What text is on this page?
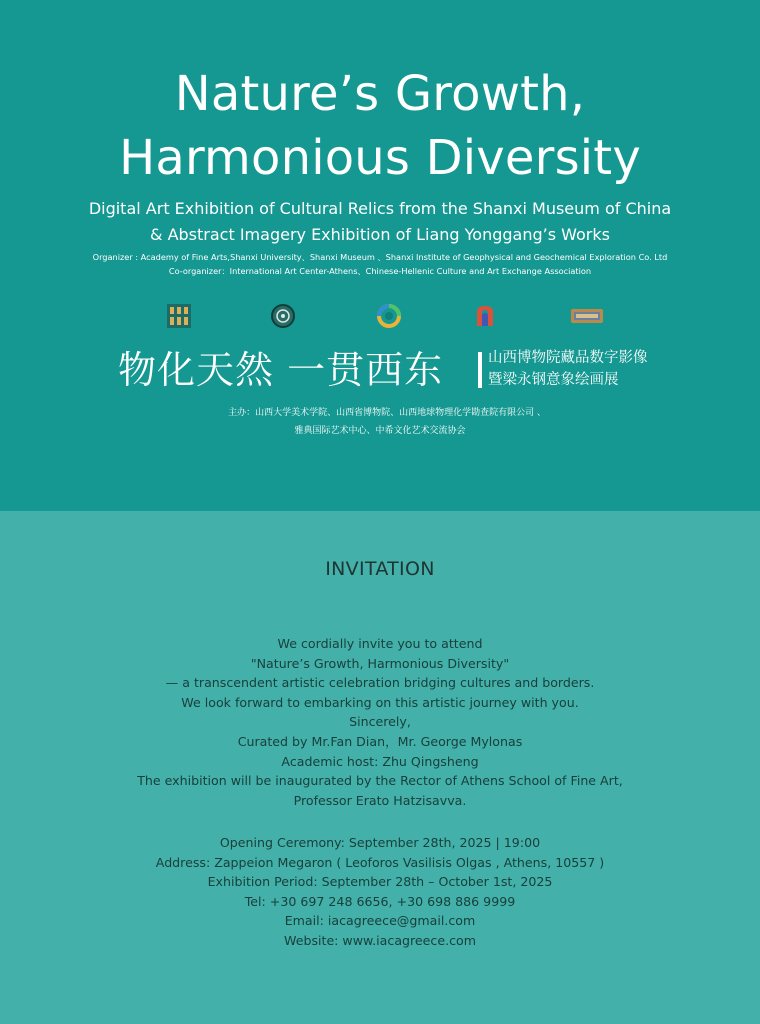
Nature’s Growth,
Harmonious Diversity
Digital Art Exhibition of Cultural Relics from the Shanxi Museum of China
& Abstract Imagery Exhibition of Liang Yonggang’s Works
Organizer : Academy of Fine Arts,Shanxi University、Shanxi Museum 、Shanxi Institute of Geophysical and Geochemical Exploration Co. Ltd
Co-organizer：International Art Center-Athens、Chinese-Hellenic Culture and Art Exchange Association
物化天然 一贯西东	山西博物院藏品数字影像
暨梁永钢意象绘画展
主办：山西大学美术学院、山西省博物院、山西地球物理化学勘查院有限公司 、
雅典国际艺术中心、中希文化艺术交流协会
INVITATION
We cordially invite you to attend
"Nature’s Growth, Harmonious Diversity"
— a transcendent artistic celebration bridging cultures and borders.
We look forward to embarking on this artistic journey with you.
Sincerely,
Curated by Mr.Fan Dian，Mr. George Mylonas
Academic host: Zhu Qingsheng
The exhibition will be inaugurated by the Rector of Athens School of Fine Art,
Professor Erato Hatzisavva.
Opening Ceremony: September 28th, 2025 | 19:00
Address: Zappeion Megaron ( Leoforos Vasilisis Olgas , Athens, 10557 )
Exhibition Period: September 28th – October 1st, 2025
Tel: +30 697 248 6656, +30 698 886 9999
Email: iacagreece@gmail.com
Website: www.iacagreece.com
